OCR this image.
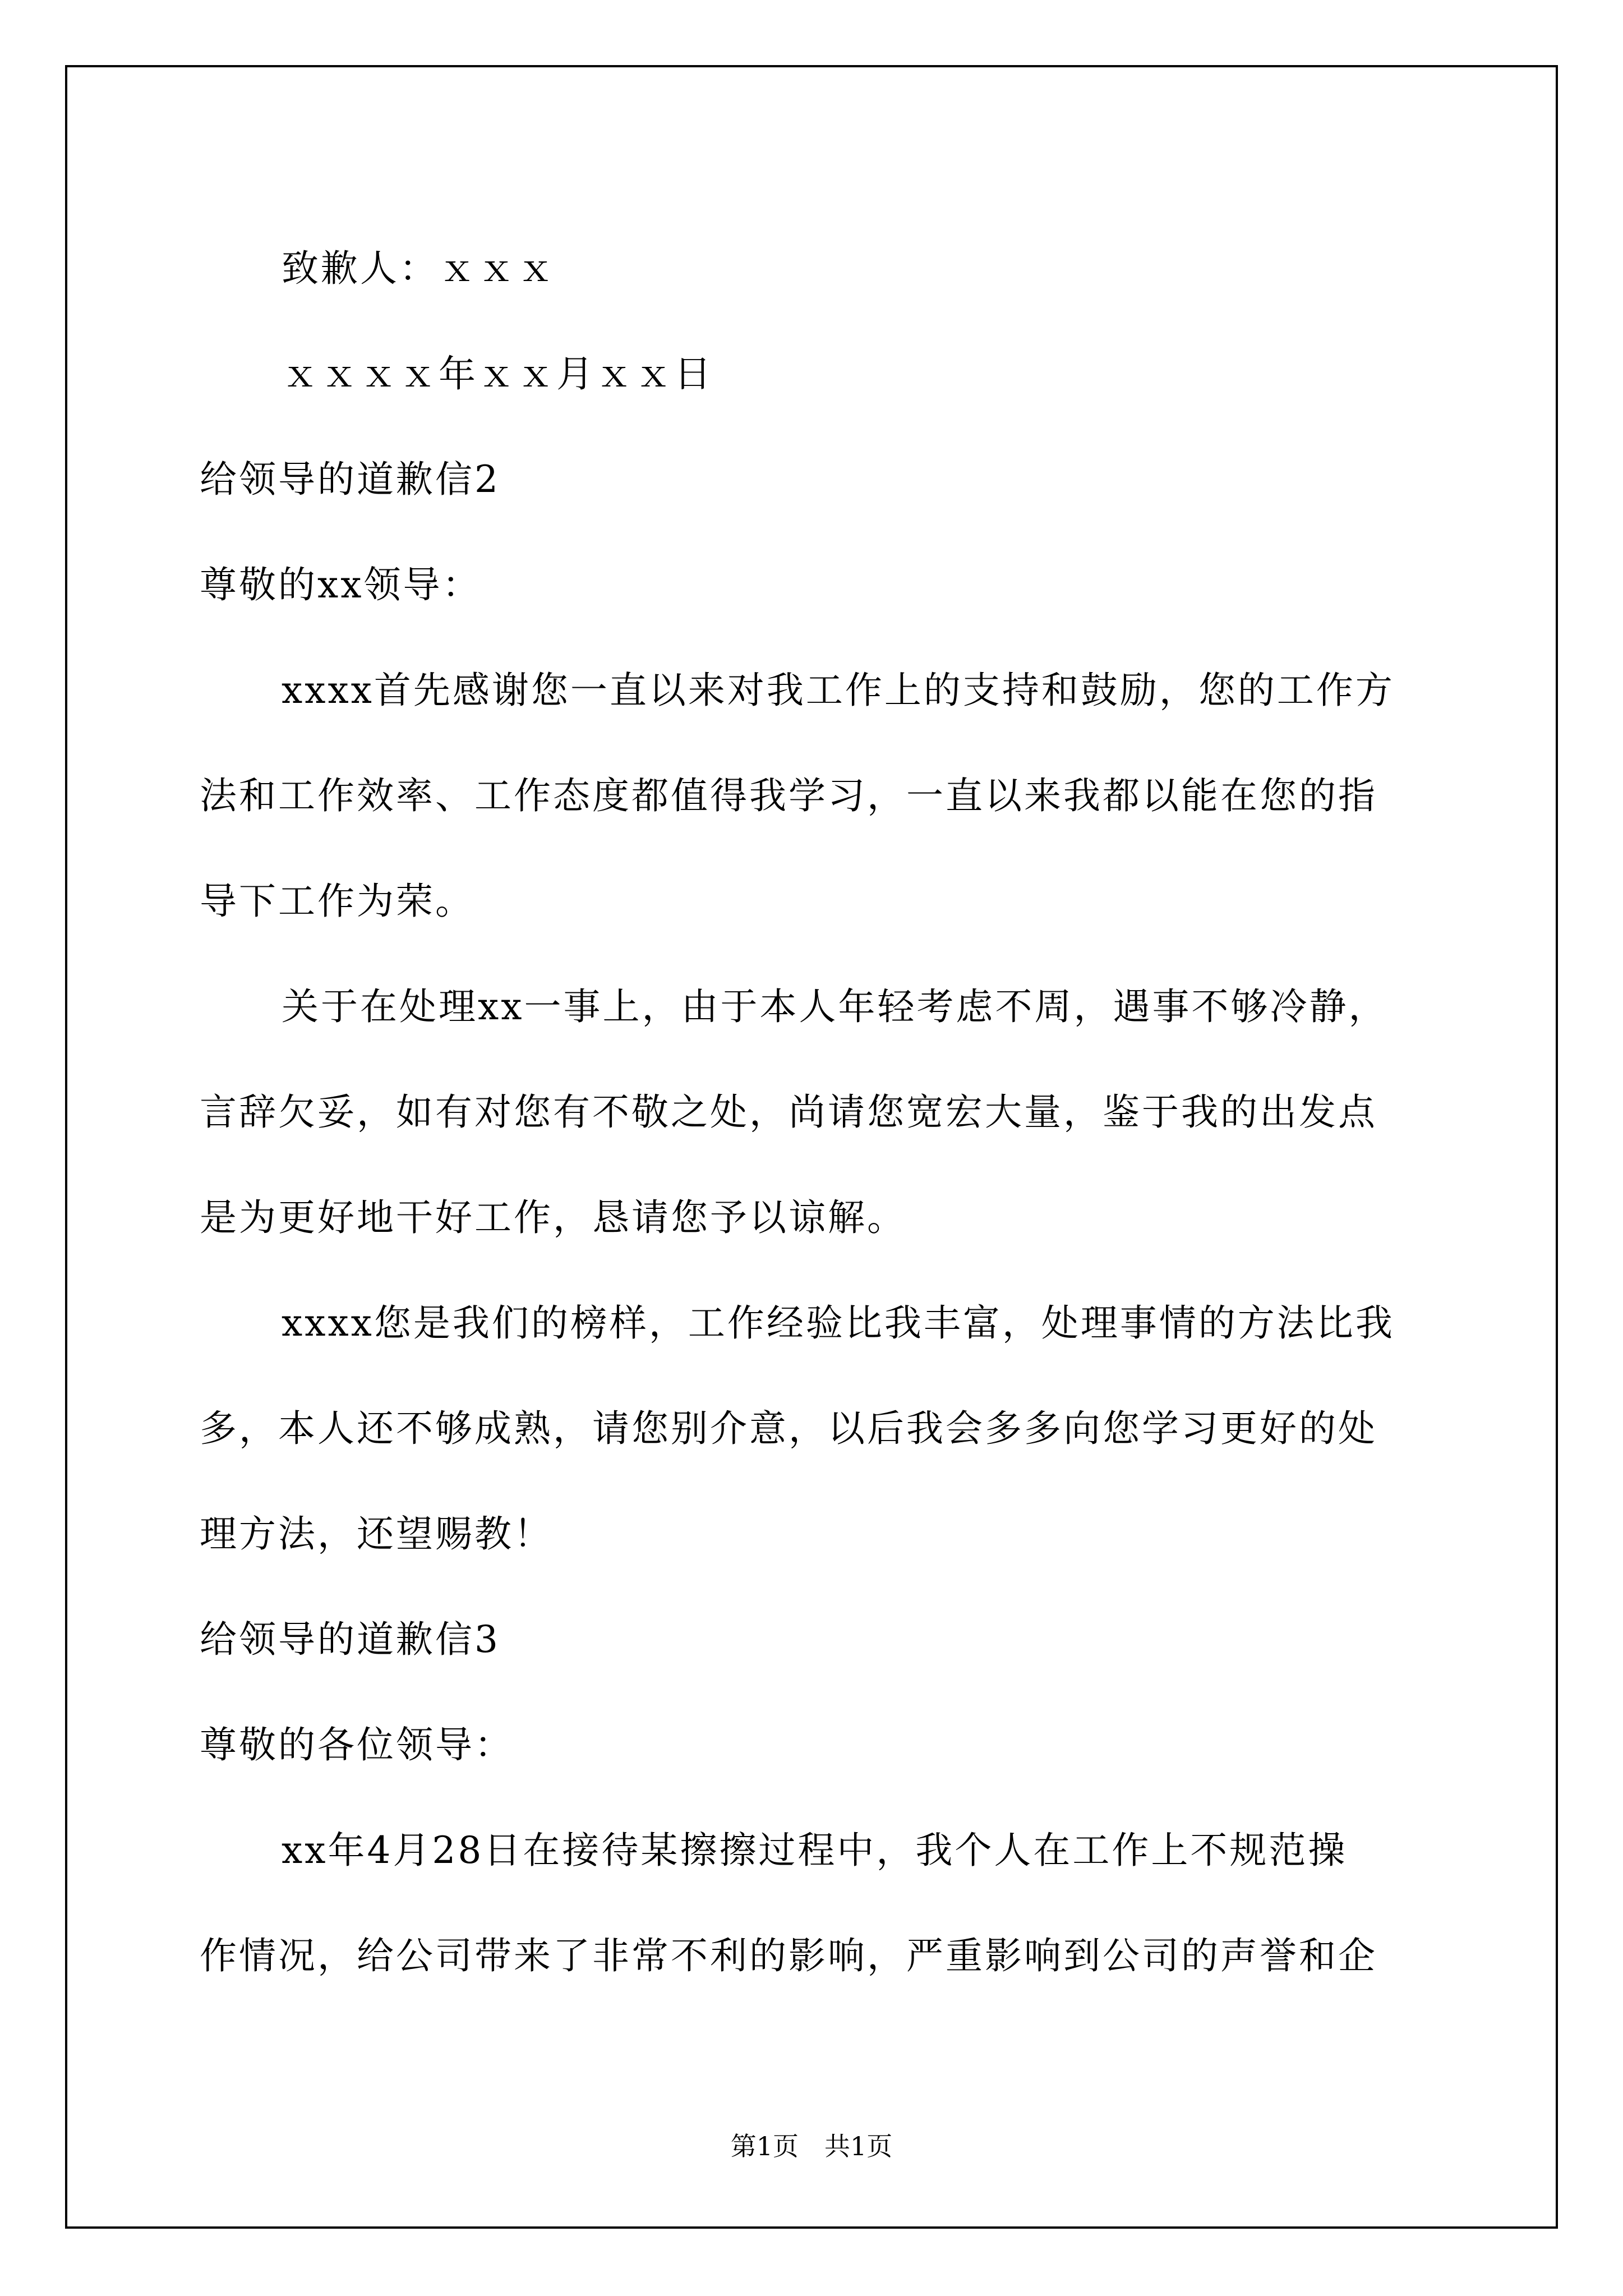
致歉人：ｘｘｘ
ｘｘｘｘ年ｘｘ月ｘｘ日
给领导的道歉信2
尊敬的xx领导：
xxxx首先感谢您一直以来对我工作上的支持和鼓励，您的工作方
法和工作效率、工作态度都值得我学习，一直以来我都以能在您的指
导下工作为荣。
关于在处理xx一事上，由于本人年轻考虑不周，遇事不够冷静，
言辞欠妥，如有对您有不敬之处，尚请您宽宏大量，鉴于我的出发点
是为更好地干好工作，恳请您予以谅解。
xxxx您是我们的榜样，工作经验比我丰富，处理事情的方法比我
多，本人还不够成熟，请您别介意，以后我会多多向您学习更好的处
理方法，还望赐教！
给领导的道歉信3
尊敬的各位领导：
xx年4月28日在接待某擦擦过程中，我个人在工作上不规范操
作情况，给公司带来了非常不利的影响，严重影响到公司的声誉和企
第1页　共1页
